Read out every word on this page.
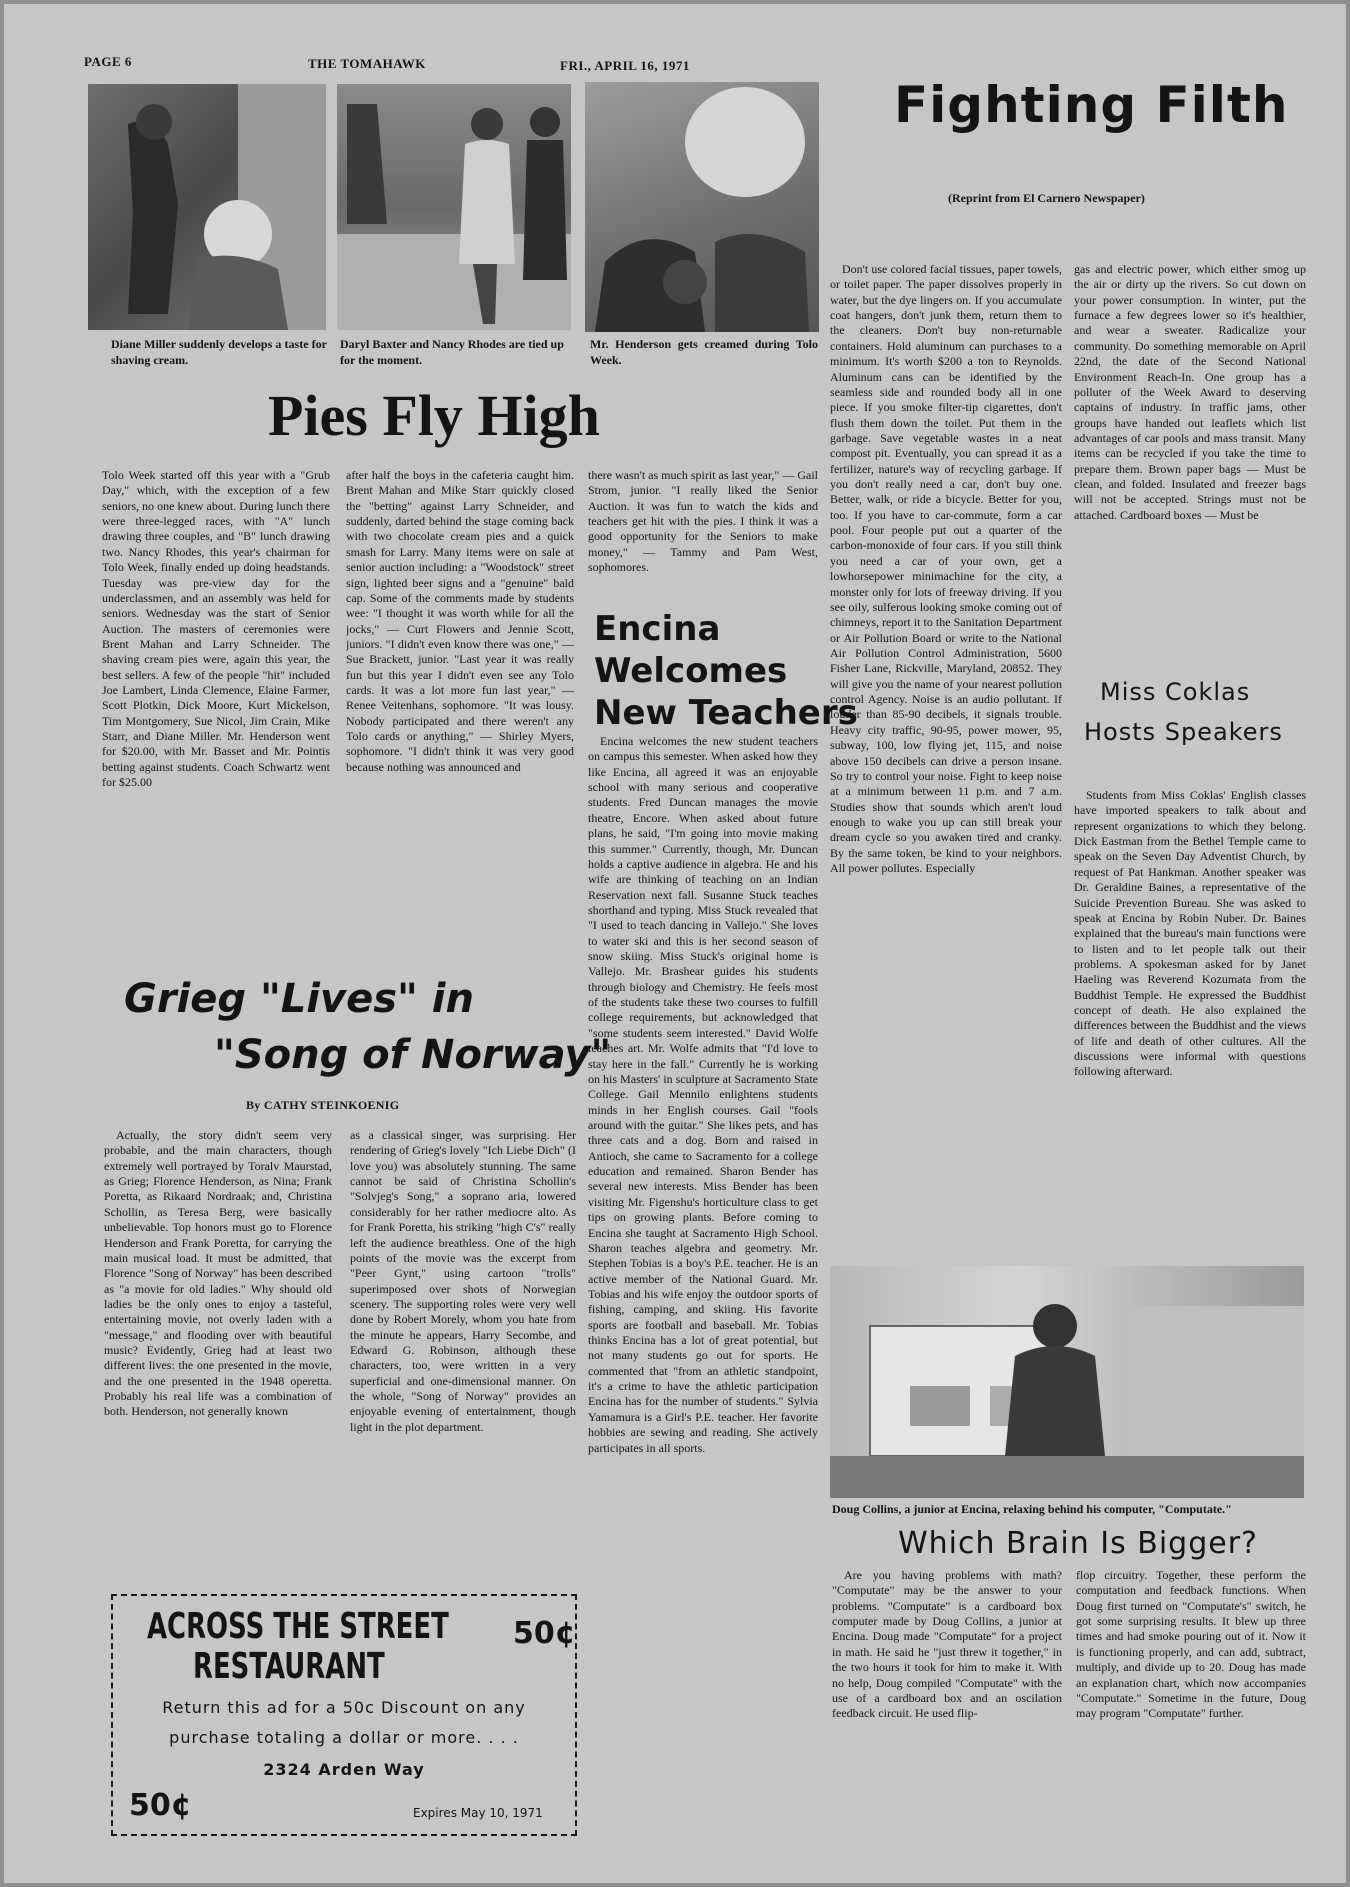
PAGE 6	THE TOMAHAWK	FRI., APRIL 16, 1971
Diane Miller suddenly develops a taste for shaving cream.
Daryl Baxter and Nancy Rhodes are tied up for the moment.
Mr. Henderson gets creamed during Tolo Week.
Pies Fly High

Tolo Week started off this year with a "Grub Day," which, with the exception of a few seniors, no one knew about. During lunch there were three-legged races, with "A" lunch drawing three couples, and "B" lunch drawing two. Nancy Rhodes, this year's chairman for Tolo Week, finally ended up doing headstands. Tuesday was pre-view day for the underclassmen, and an assembly was held for seniors. Wednesday was the start of Senior Auction. The masters of ceremonies were Brent Mahan and Larry Schneider. The shaving cream pies were, again this year, the best sellers. A few of the people "hit" included Joe Lambert, Linda Clemence, Elaine Farmer, Scott Plotkin, Dick Moore, Kurt Mickelson, Tim Montgomery, Sue Nicol, Jim Crain, Mike Starr, and Diane Miller. Mr. Henderson went for $20.00, with Mr. Basset and Mr. Pointis betting against students. Coach Schwartz went for $25.00

after half the boys in the cafeteria caught him. Brent Mahan and Mike Starr quickly closed the "betting" against Larry Schneider, and suddenly, darted behind the stage coming back with two chocolate cream pies and a quick smash for Larry. Many items were on sale at senior auction including: a "Woodstock" street sign, lighted beer signs and a "genuine" bald cap. Some of the comments made by students wee: "I thought it was worth while for all the jocks," — Curt Flowers and Jennie Scott, juniors. "I didn't even know there was one," — Sue Brackett, junior. "Last year it was really fun but this year I didn't even see any Tolo cards. It was a lot more fun last year," — Renee Veitenhans, sophomore. "It was lousy. Nobody participated and there weren't any Tolo cards or anything," — Shirley Myers, sophomore. "I didn't think it was very good because nothing was announced and

there wasn't as much spirit as last year," — Gail Strom, junior. "I really liked the Senior Auction. It was fun to watch the kids and teachers get hit with the pies. I think it was a good opportunity for the Seniors to make money," — Tammy and Pam West, sophomores.

Encina
Welcomes
New Teachers

Encina welcomes the new student teachers on campus this semester. When asked how they like Encina, all agreed it was an enjoyable school with many serious and cooperative students. Fred Duncan manages the movie theatre, Encore. When asked about future plans, he said, "I'm going into movie making this summer." Currently, though, Mr. Duncan holds a captive audience in algebra. He and his wife are thinking of teaching on an Indian Reservation next fall. Susanne Stuck teaches shorthand and typing. Miss Stuck revealed that "I used to teach dancing in Vallejo." She loves to water ski and this is her second season of snow skiing. Miss Stuck's original home is Vallejo. Mr. Brashear guides his students through biology and Chemistry. He feels most of the students take these two courses to fulfill college requirements, but acknowledged that "some students seem interested." David Wolfe teaches art. Mr. Wolfe admits that "I'd love to stay here in the fall." Currently he is working on his Masters' in sculpture at Sacramento State College. Gail Mennilo enlightens students minds in her English courses. Gail "fools around with the guitar." She likes pets, and has three cats and a dog. Born and raised in Antioch, she came to Sacramento for a college education and remained. Sharon Bender has several new interests. Miss Bender has been visiting Mr. Figenshu's horticulture class to get tips on growing plants. Before coming to Encina she taught at Sacramento High School. Sharon teaches algebra and geometry. Mr. Stephen Tobias is a boy's P.E. teacher. He is an active member of the National Guard. Mr. Tobias and his wife enjoy the outdoor sports of fishing, camping, and skiing. His favorite sports are football and baseball. Mr. Tobias thinks Encina has a lot of great potential, but not many students go out for sports. He commented that "from an athletic standpoint, it's a crime to have the athletic participation Encina has for the number of students." Sylvia Yamamura is a Girl's P.E. teacher. Her favorite hobbies are sewing and reading. She actively participates in all sports.

Grieg "Lives" in
"Song of Norway"
By CATHY STEINKOENIG

Actually, the story didn't seem very probable, and the main characters, though extremely well portrayed by Toralv Maurstad, as Grieg; Florence Henderson, as Nina; Frank Poretta, as Rikaard Nordraak; and, Christina Schollin, as Teresa Berg, were basically unbelievable. Top honors must go to Florence Henderson and Frank Poretta, for carrying the main musical load. It must be admitted, that Florence "Song of Norway" has been described as "a movie for old ladies." Why should old ladies be the only ones to enjoy a tasteful, entertaining movie, not overly laden with a "message," and flooding over with beautiful music? Evidently, Grieg had at least two different lives: the one presented in the movie, and the one presented in the 1948 operetta. Probably his real life was a combination of both. Henderson, not generally known

as a classical singer, was surprising. Her rendering of Grieg's lovely "Ich Liebe Dich" (I love you) was absolutely stunning. The same cannot be said of Christina Schollin's "Solvjeg's Song," a soprano aria, lowered considerably for her rather mediocre alto. As for Frank Poretta, his striking "high C's" really left the audience breathless. One of the high points of the movie was the excerpt from "Peer Gynt," using cartoon "trolls" superimposed over shots of Norwegian scenery. The supporting roles were very well done by Robert Morely, whom you hate from the minute he appears, Harry Secombe, and Edward G. Robinson, although these characters, too, were written in a very superficial and one-dimensional manner. On the whole, "Song of Norway" provides an enjoyable evening of entertainment, though light in the plot department.

ACROSS THE STREET
RESTAURANT
50¢
Return this ad for a 50c Discount on any
purchase totaling a dollar or more. . . .
2324 Arden Way
50¢	Expires May 10, 1971
Fighting Filth
(Reprint from El Carnero Newspaper)

Don't use colored facial tissues, paper towels, or toilet paper. The paper dissolves properly in water, but the dye lingers on. If you accumulate coat hangers, don't junk them, return them to the cleaners. Don't buy non-returnable containers. Hold aluminum can purchases to a minimum. It's worth $200 a ton to Reynolds. Aluminum cans can be identified by the seamless side and rounded body all in one piece. If you smoke filter-tip cigarettes, don't flush them down the toilet. Put them in the garbage. Save vegetable wastes in a neat compost pit. Eventually, you can spread it as a fertilizer, nature's way of recycling garbage. If you don't really need a car, don't buy one. Better, walk, or ride a bicycle. Better for you, too. If you have to car-commute, form a car pool. Four people put out a quarter of the carbon-monoxide of four cars. If you still think you need a car of your own, get a lowhorsepower minimachine for the city, a monster only for lots of freeway driving. If you see oily, sulferous looking smoke coming out of chimneys, report it to the Sanitation Department or Air Pollution Board or write to the National Air Pollution Control Administration, 5600 Fisher Lane, Rickville, Maryland, 20852. They will give you the name of your nearest pollution control Agency. Noise is an audio pollutant. If louder than 85-90 decibels, it signals trouble. Heavy city traffic, 90-95, power mower, 95, subway, 100, low flying jet, 115, and noise above 150 decibels can drive a person insane. So try to control your noise. Fight to keep noise at a minimum between 11 p.m. and 7 a.m. Studies show that sounds which aren't loud enough to wake you up can still break your dream cycle so you awaken tired and cranky. By the same token, be kind to your neighbors. All power pollutes. Especially

gas and electric power, which either smog up the air or dirty up the rivers. So cut down on your power consumption. In winter, put the furnace a few degrees lower so it's healthier, and wear a sweater. Radicalize your community. Do something memorable on April 22nd, the date of the Second National Environment Reach-In. One group has a polluter of the Week Award to deserving captains of industry. In traffic jams, other groups have handed out leaflets which list advantages of car pools and mass transit. Many items can be recycled if you take the time to prepare them. Brown paper bags — Must be clean, and folded. Insulated and freezer bags will not be accepted. Strings must not be attached. Cardboard boxes — Must be

Miss Coklas
Hosts Speakers

Students from Miss Coklas' English classes have imported speakers to talk about and represent organizations to which they belong. Dick Eastman from the Bethel Temple came to speak on the Seven Day Adventist Church, by request of Pat Hankman. Another speaker was Dr. Geraldine Baines, a representative of the Suicide Prevention Bureau. She was asked to speak at Encina by Robin Nuber. Dr. Baines explained that the bureau's main functions were to listen and to let people talk out their problems. A spokesman asked for by Janet Haeling was Reverend Kozumata from the Buddhist Temple. He expressed the Buddhist concept of death. He also explained the differences between the Buddhist and the views of life and death of other cultures. All the discussions were informal with questions following afterward.

Doug Collins, a junior at Encina, relaxing behind his computer, "Computate."
Which Brain Is Bigger?

Are you having problems with math? "Computate" may be the answer to your problems. "Computate" is a cardboard box computer made by Doug Collins, a junior at Encina. Doug made "Computate" for a project in math. He said he "just threw it together," in the two hours it took for him to make it. With no help, Doug compiled "Computate" with the use of a cardboard box and an oscilation feedback circuit. He used flip-

flop circuitry. Together, these perform the computation and feedback functions. When Doug first turned on "Computate's" switch, he got some surprising results. It blew up three times and had smoke pouring out of it. Now it is functioning properly, and can add, subtract, multiply, and divide up to 20. Doug has made an explanation chart, which now accompanies "Computate." Sometime in the future, Doug may program "Computate" further.
